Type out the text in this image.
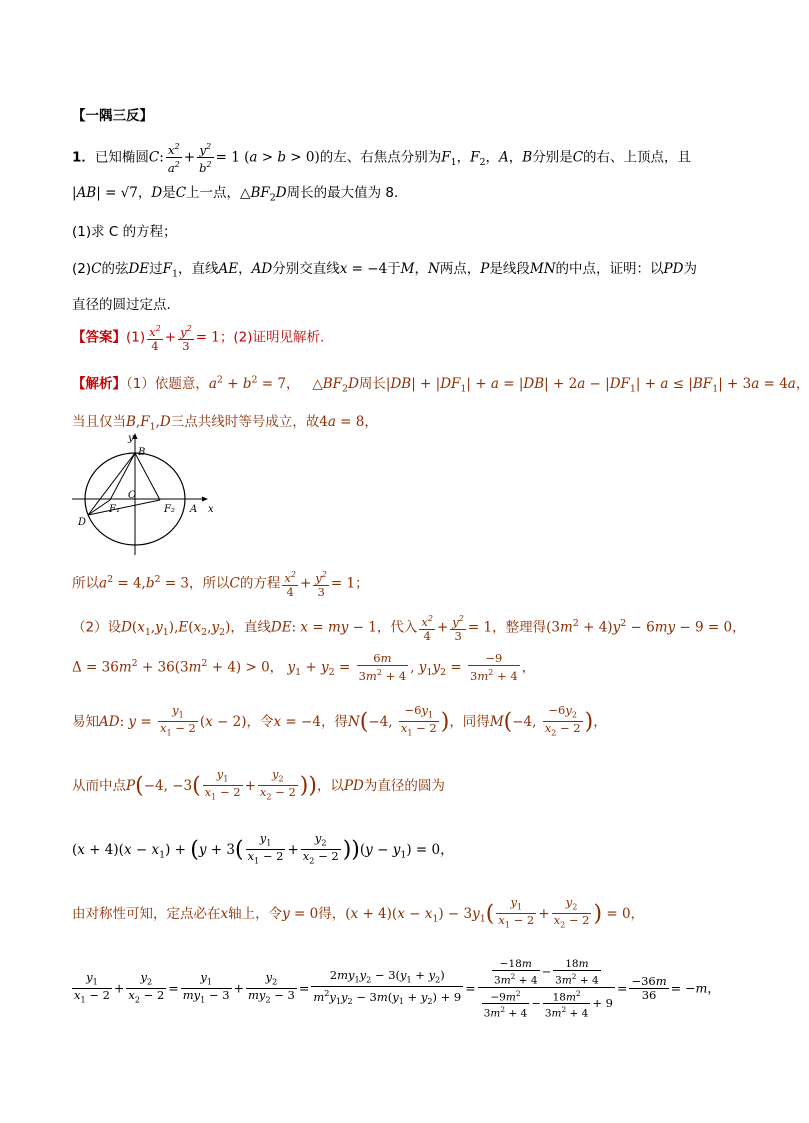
【一隅三反】
1．已知椭圆C: $\frac{x^2}{a^2} + \frac{y^2}{b^2} = 1$ (a > b > 0)的左、右焦点分别为$F_1$，$F_2$，A，B分别是C的右、上顶点，且
|AB| = √7，D是C上一点，$\triangle BF_2D$周长的最大值为 8.
(1)求 C 的方程；
(2)C的弦DE过$F_1$，直线AE，AD分别交直线x = −4于M，N两点，P是线段MN的中点，证明：以PD为
直径的圆过定点.
【答案】$(1) \frac{x^2}{4} + \frac{y^2}{3} = 1$；(2)证明见解析.
【解析】（1）依题意，$a^2 + b^2 = 7$，   $\triangle BF_2D$周长$|DB| + |DF_1| + a = |DB| + 2a - |DF_1| + a \le |BF_1| + 3a = 4a$，
当且仅当$B,F_1,D$三点共线时等号成立，故4a = 8，
y
B
O
F₁	F₂ A x
D
所以$a^2 = 4,b^2 = 3$，所以C的方程 $\frac{x^2}{4} + \frac{y^2}{3} = 1$；
（2）设$D(x_1,y_1),E(x_2,y_2)$，直线DE: x = my − 1，代入 $\frac{x^2}{4} + \frac{y^2}{3} = 1$，整理得$(3m^2 + 4)y^2 - 6my - 9 = 0$，
$\Delta = 36m^2 + 36(3m^2 + 4) > 0$， $y_1 + y_2 = \frac{6m}{3m^2 + 4}$ , $y_1y_2 = \frac{-9}{3m^2 + 4}$ ，
易知AD: $y = \frac{y_1}{x_1 - 2} (x - 2)$，令x = −4，得N(−4, $\frac{-6y_1}{x_1 - 2}$ )，同得M(−4, $\frac{-6y_2}{x_2 - 2}$ )，
从而中点P(−4, $-3( \frac{y_1}{x_1 - 2} + \frac{y_2}{x_2 - 2}$ ))，以PD为直径的圆为
$(x + 4)(x - x_1) + (y + 3( \frac{y_1}{x_1 - 2} + \frac{y_2}{x_2 - 2} ))(y - y_1) = 0$，
由对称性可知，定点必在x轴上，令y = 0得，$(x + 4)(x - x_1) - 3y_1( \frac{y_1}{x_1 - 2} + \frac{y_2}{x_2 - 2}$ ) = 0，
$\frac{y_1}{x_1 - 2} + \frac{y_2}{x_2 - 2} = \frac{y_1}{my_1 - 3} + \frac{y_2}{my_2 - 3} = \frac{2my_1y_2 - 3(y_1 + y_2)}{m^2y_1y_2 - 3m(y_1 + y_2) + 9} = \frac{\frac{-18m}{3m^2 + 4} - \frac{18m}{3m^2 + 4}}{\frac{-9m^2}{3m^2 + 4} - \frac{18m^2}{3m^2 + 4} + 9} = \frac{-36m}{36} = -m$，
